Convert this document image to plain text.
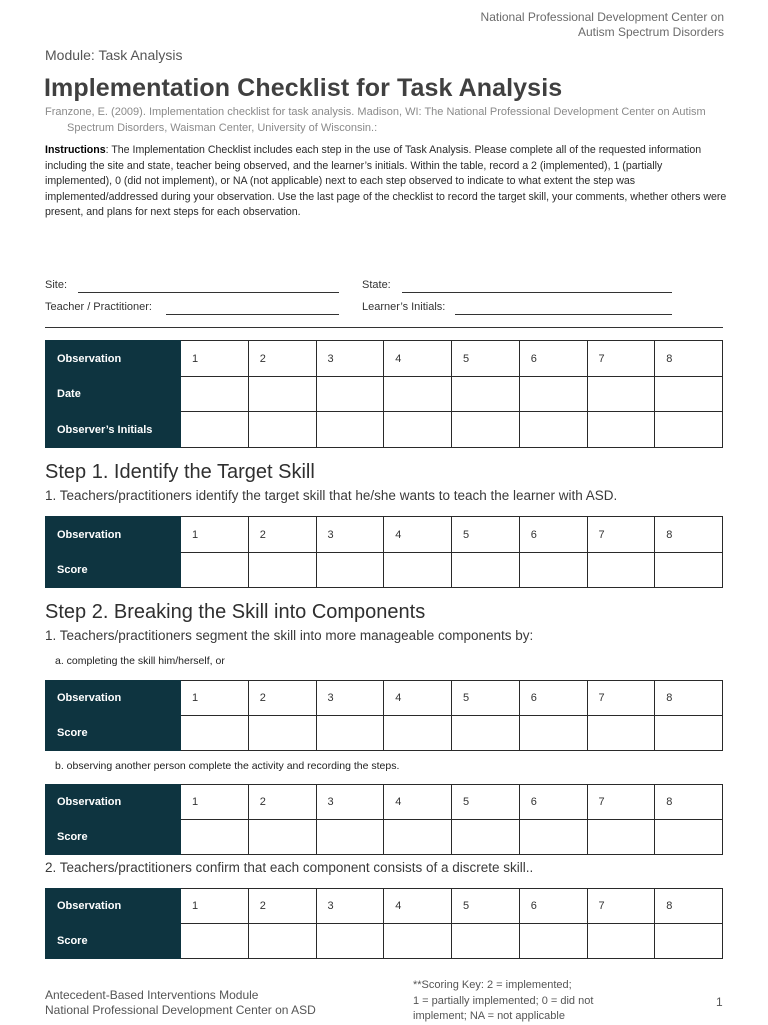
National Professional Development Center on
Autism Spectrum Disorders
Module: Task Analysis
Implementation Checklist for Task Analysis
Franzone, E. (2009). Implementation checklist for task analysis. Madison, WI: The National Professional Development Center on Autism
Spectrum Disorders, Waisman Center, University of Wisconsin.:
Instructions: The Implementation Checklist includes each step in the use of Task Analysis. Please complete all of the requested information including the site and state, teacher being observed, and the learner’s initials. Within the table, record a 2 (implemented), 1 (partially implemented), 0 (did not implement), or NA (not applicable) next to each step observed to indicate to what extent the step was implemented/addressed during your observation. Use the last page of the checklist to record the target skill, your comments, whether others were present, and plans for next steps for each observation.
Site:	State:
Teacher / Practitioner:	Learner’s Initials:
Observation	1	2	3	4	5	6	7	8
Date								
Observer’s Initials								
Step 1. Identify the Target Skill
1. Teachers/practitioners identify the target skill that he/she wants to teach the learner with ASD.
Observation	1	2	3	4	5	6	7	8
Score								
Step 2. Breaking the Skill into Components
1. Teachers/practitioners segment the skill into more manageable components by:
a. completing the skill him/herself, or
Observation	1	2	3	4	5	6	7	8
Score								
b. observing another person complete the activity and recording the steps.
Observation	1	2	3	4	5	6	7	8
Score								
2. Teachers/practitioners confirm that each component consists of a discrete skill..
Observation	1	2	3	4	5	6	7	8
Score								
Antecedent-Based Interventions Module
National Professional Development Center on ASD
**Scoring Key: 2 = implemented;
1 = partially implemented; 0 = did not
implement; NA = not applicable
1
